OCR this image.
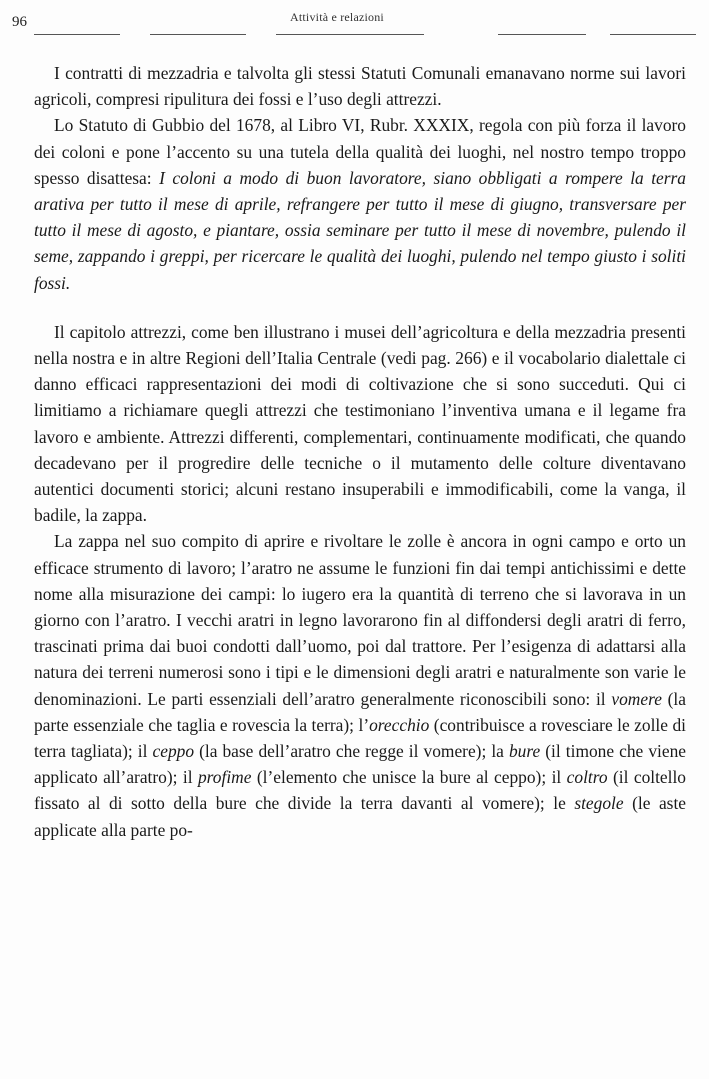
96	Attività e relazioni

I contratti di mezzadria e talvolta gli stessi Statuti Comunali emanavano norme sui lavori agricoli, compresi ripulitura dei fossi e l’uso degli attrezzi.

Lo Statuto di Gubbio del 1678, al Libro VI, Rubr. XXXIX, regola con più forza il lavoro dei coloni e pone l’accento su una tutela della qualità dei luoghi, nel nostro tempo troppo spesso disattesa: I coloni a modo di buon lavoratore, siano obbligati a rompere la terra arativa per tutto il mese di aprile, refrangere per tutto il mese di giugno, transversare per tutto il mese di agosto, e piantare, ossia seminare per tutto il mese di novembre, pulendo il seme, zappando i greppi, per ricercare le qualità dei luoghi, pulendo nel tempo giusto i soliti fossi.

Il capitolo attrezzi, come ben illustrano i musei dell’agricoltura e della mezzadria presenti nella nostra e in altre Regioni dell’Italia Centrale (vedi pag. 266) e il vocabolario dialettale ci danno efficaci rappresentazioni dei modi di coltivazione che si sono succeduti. Qui ci limitiamo a richiamare quegli attrezzi che testimoniano l’inventiva umana e il legame fra lavoro e ambiente. Attrezzi differenti, complementari, continuamente modificati, che quando decadevano per il progredire delle tecniche o il mutamento delle colture diventavano autentici documenti storici; alcuni restano insuperabili e immodificabili, come la vanga, il badile, la zappa.

La zappa nel suo compito di aprire e rivoltare le zolle è ancora in ogni campo e orto un efficace strumento di lavoro; l’aratro ne assume le funzioni fin dai tempi antichissimi e dette nome alla misurazione dei campi: lo iugero era la quantità di terreno che si lavorava in un giorno con l’aratro. I vecchi aratri in legno lavorarono fin al diffondersi degli aratri di ferro, trascinati prima dai buoi condotti dall’uomo, poi dal trattore. Per l’esigenza di adattarsi alla natura dei terreni numerosi sono i tipi e le dimensioni degli aratri e naturalmente son varie le denominazioni. Le parti essenziali dell’aratro generalmente riconoscibili sono: il vomere (la parte essenziale che taglia e rovescia la terra); l’orecchio (contribuisce a rovesciare le zolle di terra tagliata); il ceppo (la base dell’aratro che regge il vomere); la bure (il timone che viene applicato all’aratro); il profime (l’elemento che unisce la bure al ceppo); il coltro (il coltello fissato al di sotto della bure che divide la terra davanti al vomere); le stegole (le aste applicate alla parte po-
